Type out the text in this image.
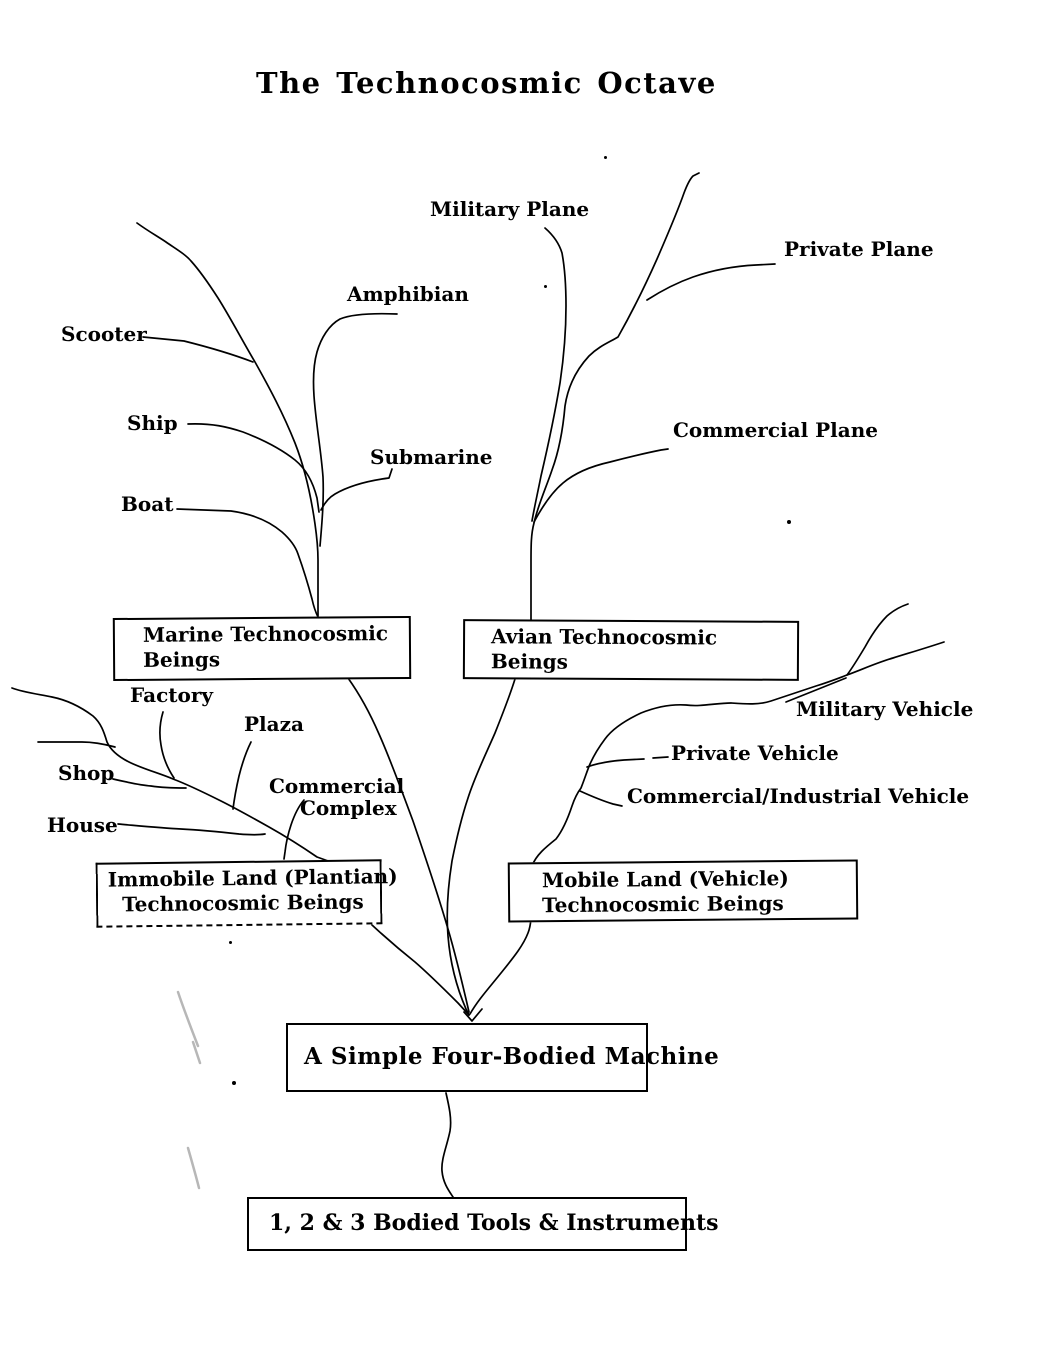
The Technocosmic Octave
Military Plane
Private Plane
Amphibian
Scooter
Ship	Commercial Plane
Submarine
Boat
Factory
Plaza
Shop
House
Commercial
Complex
Military Vehicle
Private Vehicle
Commercial/Industrial Vehicle
Marine Technocosmic
Beings
Avian Technocosmic
Beings
Immobile Land (Plantian)
Technocosmic Beings
Mobile Land (Vehicle)
Technocosmic Beings
A Simple Four-Bodied Machine
1, 2 & 3 Bodied Tools & Instruments
